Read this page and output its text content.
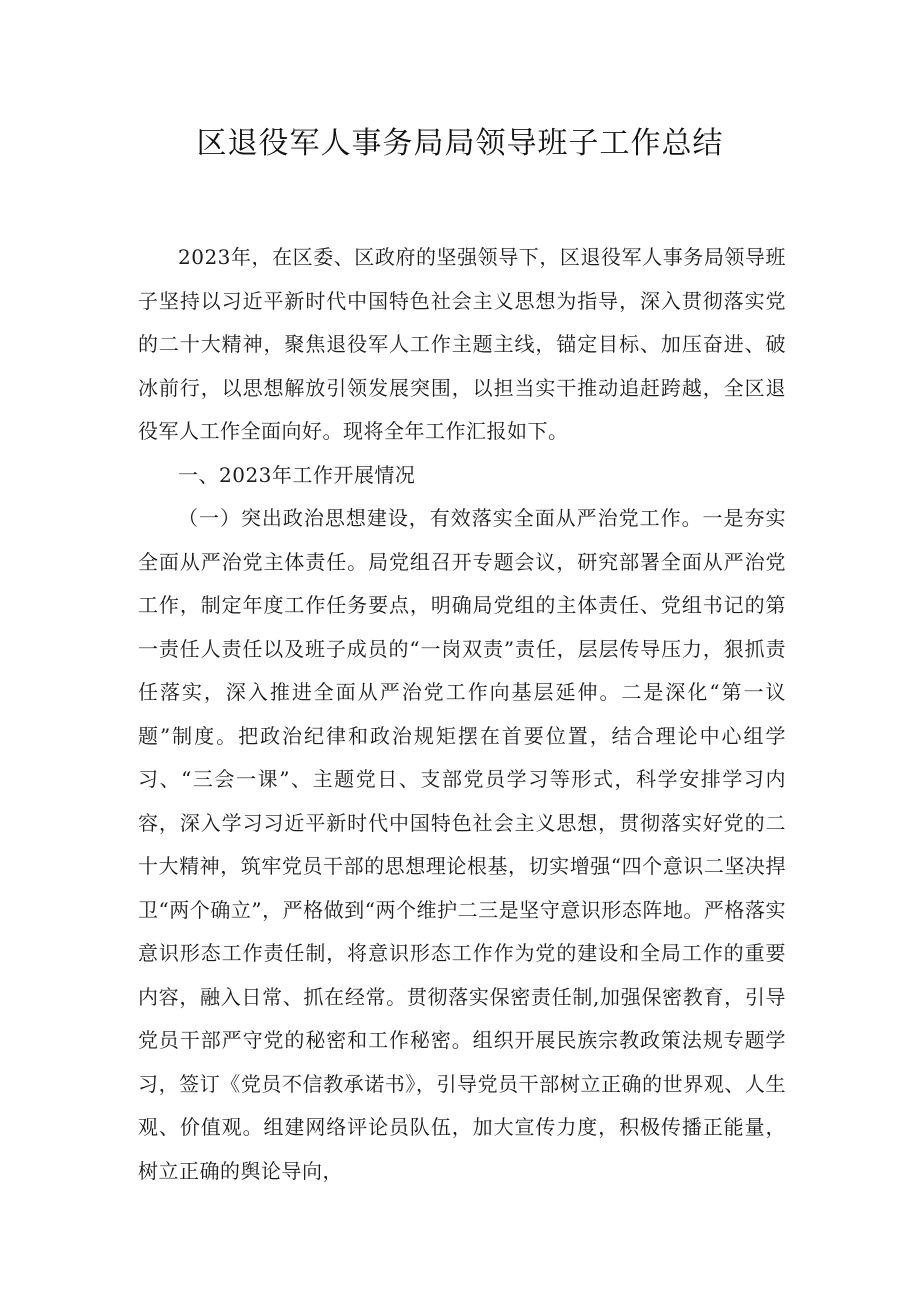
区退役军人事务局局领导班子工作总结

2023年，在区委、区政府的坚强领导下，区退役军人事务局领导班子坚持以习近平新时代中国特色社会主义思想为指导，深入贯彻落实党的二十大精神，聚焦退役军人工作主题主线，锚定目标、加压奋进、破冰前行，以思想解放引领发展突围，以担当实干推动追赶跨越，全区退役军人工作全面向好。现将全年工作汇报如下。

一、2023年工作开展情况

（一）突出政治思想建设，有效落实全面从严治党工作。一是夯实全面从严治党主体责任。局党组召开专题会议，研究部署全面从严治党工作，制定年度工作任务要点，明确局党组的主体责任、党组书记的第一责任人责任以及班子成员的“一岗双责”责任，层层传导压力，狠抓责任落实，深入推进全面从严治党工作向基层延伸。二是深化“第一议题”制度。把政治纪律和政治规矩摆在首要位置，结合理论中心组学习、“三会一课”、主题党日、支部党员学习等形式，科学安排学习内容，深入学习习近平新时代中国特色社会主义思想，贯彻落实好党的二十大精神，筑牢党员干部的思想理论根基，切实增强“四个意识二坚决捍卫“两个确立”，严格做到“两个维护二三是坚守意识形态阵地。严格落实意识形态工作责任制，将意识形态工作作为党的建设和全局工作的重要内容，融入日常、抓在经常。贯彻落实保密责任制,加强保密教育，引导党员干部严守党的秘密和工作秘密。组织开展民族宗教政策法规专题学习，签订《党员不信教承诺书》，引导党员干部树立正确的世界观、人生观、价值观。组建网络评论员队伍，加大宣传力度，积极传播正能量，树立正确的舆论导向，
